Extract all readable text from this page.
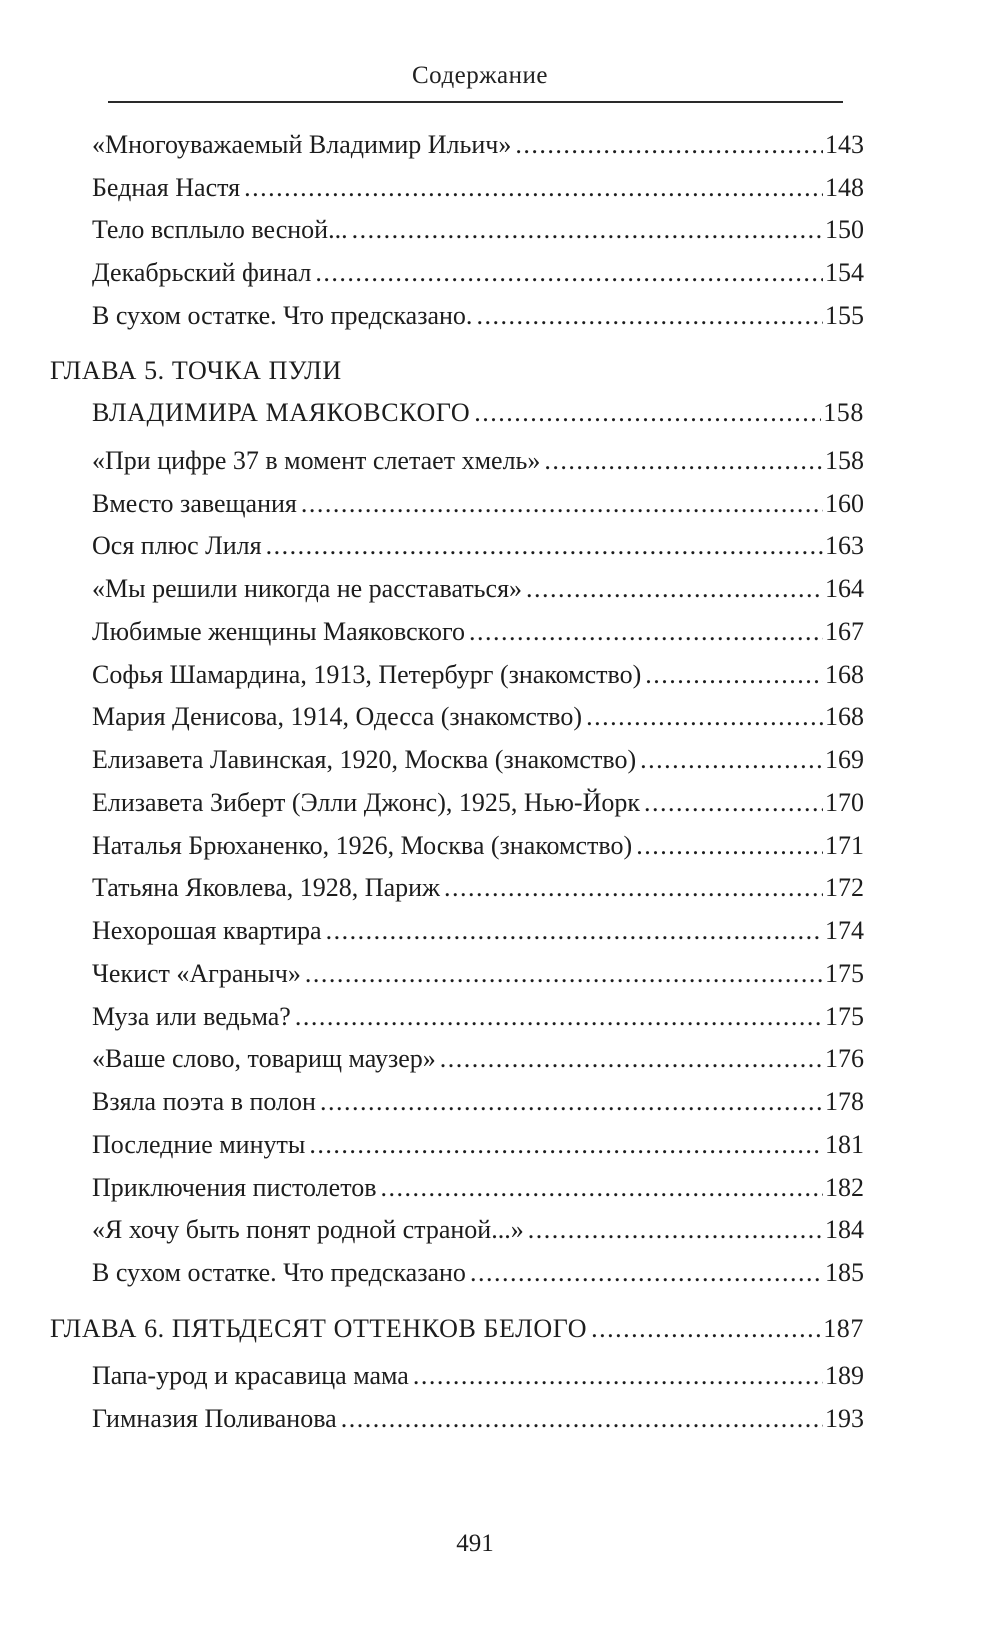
Содержание
«Многоуважаемый Владимир Ильич» .....	143
Бедная Настя .....	148
Тело всплыло весной... .....	150
Декабрьский финал .....	154
В сухом остатке. Что предсказано. .....	155
ГЛАВА 5. ТОЧКА ПУЛИ
ВЛАДИМИРА МАЯКОВСКОГО .....	158
«При цифре 37 в момент слетает хмель» .....	158
Вместо завещания .....	160
Ося плюс Лиля .....	163
«Мы решили никогда не расставаться» .....	164
Любимые женщины Маяковского .....	167
Софья Шамардина, 1913, Петербург (знакомство) .....	168
Мария Денисова, 1914, Одесса (знакомство) .....	168
Елизавета Лавинская, 1920, Москва (знакомство) .....	169
Елизавета Зиберт (Элли Джонс), 1925, Нью-Йорк .....	170
Наталья Брюханенко, 1926, Москва (знакомство) .....	171
Татьяна Яковлева, 1928, Париж .....	172
Нехорошая квартира .....	174
Чекист «Аграныч» .....	175
Муза или ведьма? .....	175
«Ваше слово, товарищ маузер» .....	176
Взяла поэта в полон .....	178
Последние минуты .....	181
Приключения пистолетов .....	182
«Я хочу быть понят родной страной...» .....	184
В сухом остатке. Что предсказано .....	185
ГЛАВА 6. ПЯТЬДЕСЯТ ОТТЕНКОВ БЕЛОГО .....	187
Папа-урод и красавица мама .....	189
Гимназия Поливанова .....	193
491
